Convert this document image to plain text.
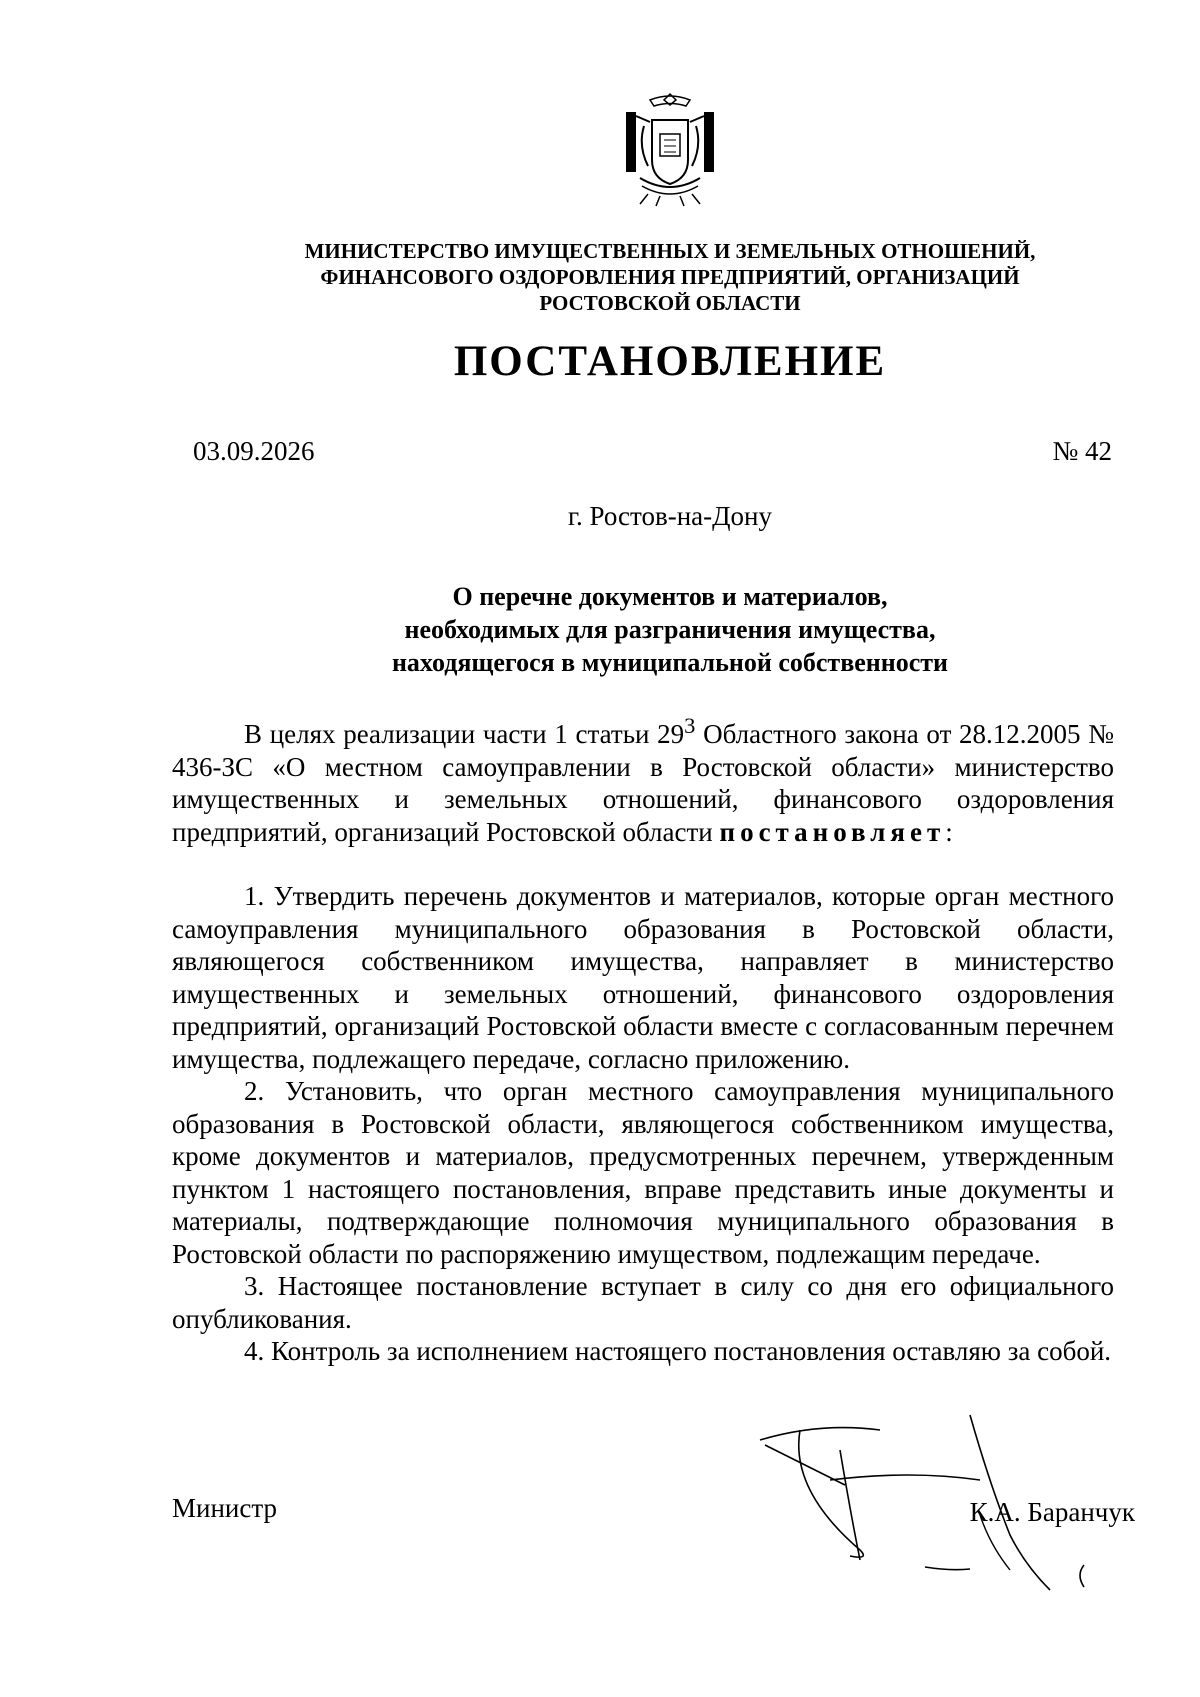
МИНИСТЕРСТВО ИМУЩЕСТВЕННЫХ И ЗЕМЕЛЬНЫХ ОТНОШЕНИЙ,
ФИНАНСОВОГО ОЗДОРОВЛЕНИЯ ПРЕДПРИЯТИЙ, ОРГАНИЗАЦИЙ
РОСТОВСКОЙ ОБЛАСТИ
ПОСТАНОВЛЕНИЕ
03.09.2026	№ 42
г. Ростов-на-Дону
О перечне документов и материалов,
необходимых для разграничения имущества,
находящегося в муниципальной собственности

В целях реализации части 1 статьи $29^3$ Областного закона от 28.12.2005 № 436-ЗС «О местном самоуправлении в Ростовской области» министерство имущественных и земельных отношений, финансового оздоровления предприятий, организаций Ростовской области постановляет:

1. Утвердить перечень документов и материалов, которые орган местного самоуправления муниципального образования в Ростовской области, являющегося собственником имущества, направляет в министерство имущественных и земельных отношений, финансового оздоровления предприятий, организаций Ростовской области вместе с согласованным перечнем имущества, подлежащего передаче, согласно приложению.

2. Установить, что орган местного самоуправления муниципального образования в Ростовской области, являющегося собственником имущества, кроме документов и материалов, предусмотренных перечнем, утвержденным пунктом 1 настоящего постановления, вправе представить иные документы и материалы, подтверждающие полномочия муниципального образования в Ростовской области по распоряжению имуществом, подлежащим передаче.

3. Настоящее постановление вступает в силу со дня его официального опубликования.

4. Контроль за исполнением настоящего постановления оставляю за собой.

Министр	К.А. Баранчук
